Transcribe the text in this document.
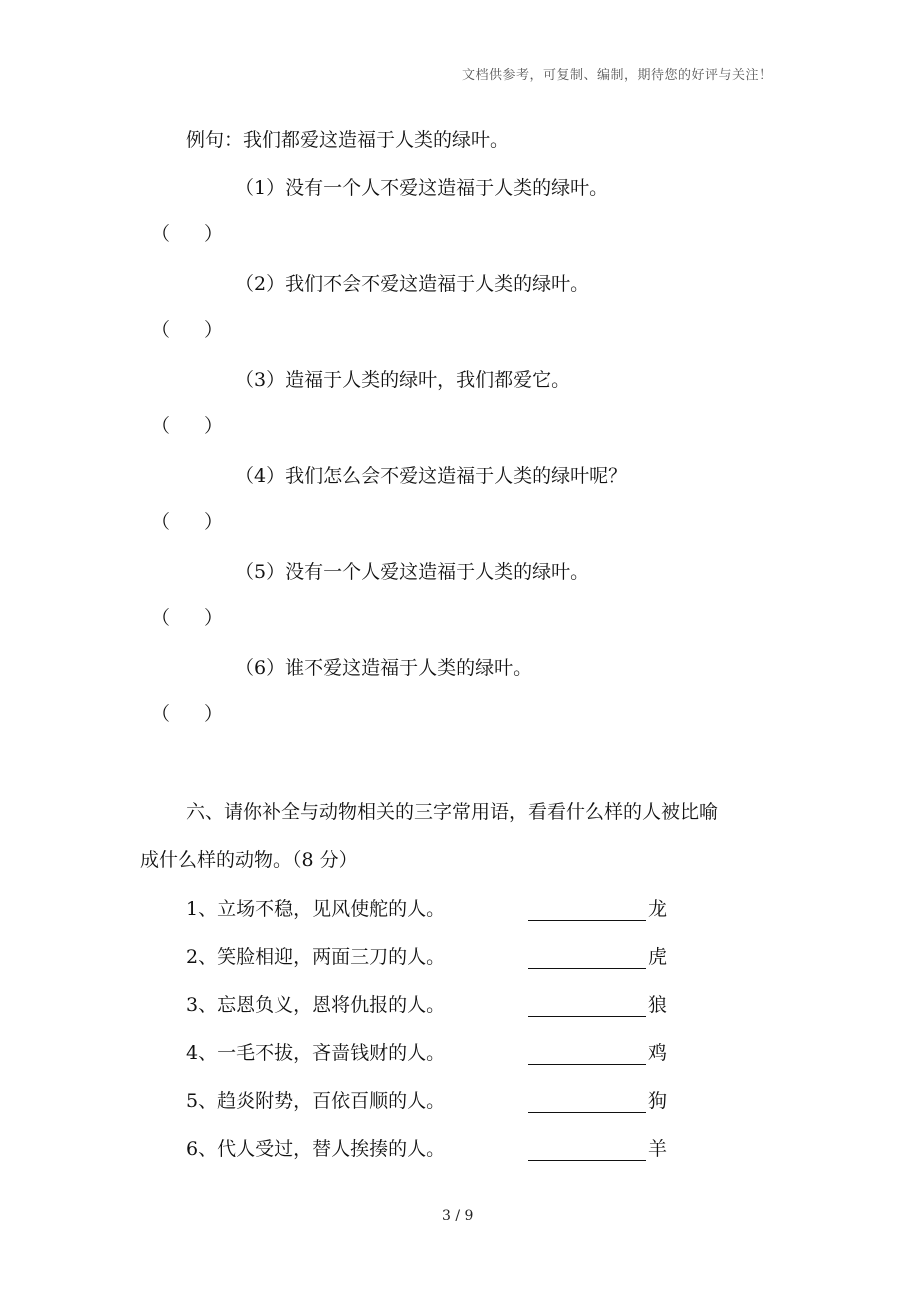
文档供参考，可复制、编制，期待您的好评与关注！
例句：我们都爱这造福于人类的绿叶。
（1）没有一个人不爱这造福于人类的绿叶。
（ ）
（2）我们不会不爱这造福于人类的绿叶。
（ ）
（3）造福于人类的绿叶，我们都爱它。
（ ）
（4）我们怎么会不爱这造福于人类的绿叶呢？
（ ）
（5）没有一个人爱这造福于人类的绿叶。
（ ）
（6）谁不爱这造福于人类的绿叶。
（ ）
六、请你补全与动物相关的三字常用语，看看什么样的人被比喻
成什么样的动物。（8 分）
1、立场不稳，见风使舵的人。	龙
2、笑脸相迎，两面三刀的人。	虎
3、忘恩负义，恩将仇报的人。	狼
4、一毛不拔，吝啬钱财的人。	鸡
5、趋炎附势，百依百顺的人。	狗
6、代人受过，替人挨揍的人。	羊
3 / 9
